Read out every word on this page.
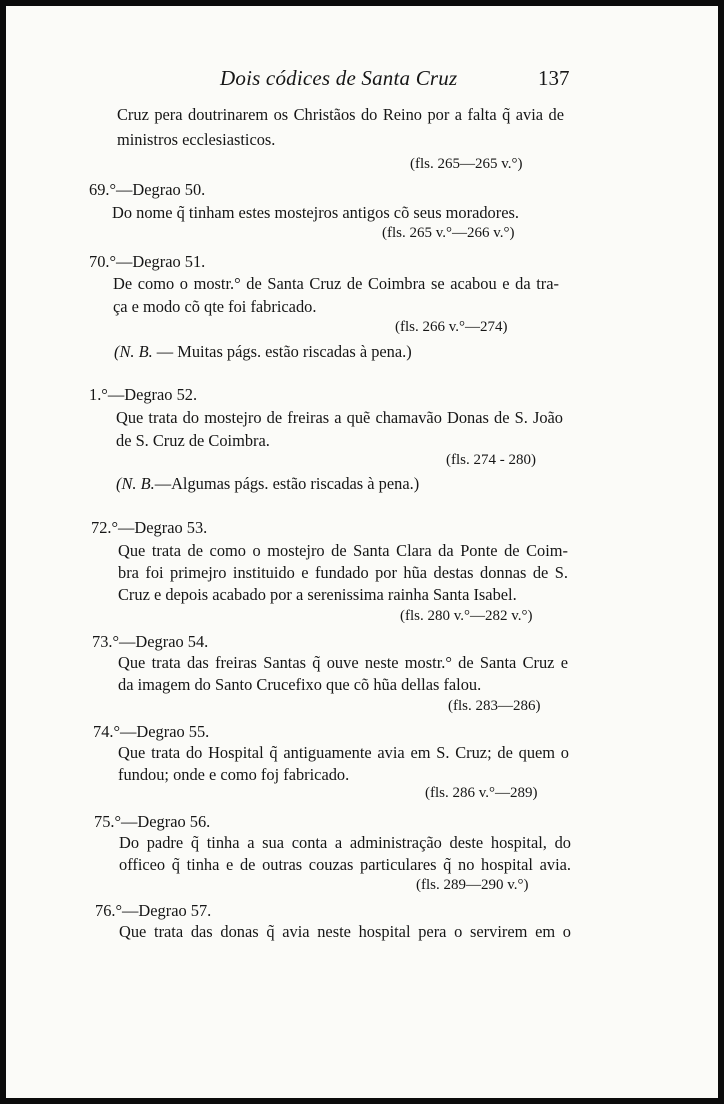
Dois códices de Santa Cruz	137
Cruz pera doutrinarem os Christãos do Reino por a falta q̃ avia de
ministros ecclesiasticos.
(fls. 265—265 v.°)
69.°—Degrao 50.
Do nome q̃ tinham estes mostejros antigos cõ seus moradores.
(fls. 265 v.°—266 v.°)
70.°—Degrao 51.
De como o mostr.° de Santa Cruz de Coimbra se acabou e da tra-
ça e modo cõ qte foi fabricado.
(fls. 266 v.°—274)
(N. B. — Muitas págs. estão riscadas à pena.)
1.°—Degrao 52.
Que trata do mostejro de freiras a quẽ chamavão Donas de S. João
de S. Cruz de Coimbra.
(fls. 274 - 280)
(N. B.—Algumas págs. estão riscadas à pena.)
72.°—Degrao 53.
Que trata de como o mostejro de Santa Clara da Ponte de Coim-
bra foi primejro instituido e fundado por hũa destas donnas de S.
Cruz e depois acabado por a serenissima rainha Santa Isabel.
(fls. 280 v.°—282 v.°)
73.°—Degrao 54.
Que trata das freiras Santas q̃ ouve neste mostr.° de Santa Cruz e
da imagem do Santo Crucefixo que cõ hũa dellas falou.
(fls. 283—286)
74.°—Degrao 55.
Que trata do Hospital q̃ antiguamente avia em S. Cruz; de quem o
fundou; onde e como foj fabricado.
(fls. 286 v.°—289)
75.°—Degrao 56.
Do padre q̃ tinha a sua conta a administração deste hospital, do
officeo q̃ tinha e de outras couzas particulares q̃ no hospital avia.
(fls. 289—290 v.°)
76.°—Degrao 57.
Que trata das donas q̃ avia neste hospital pera o servirem em o
